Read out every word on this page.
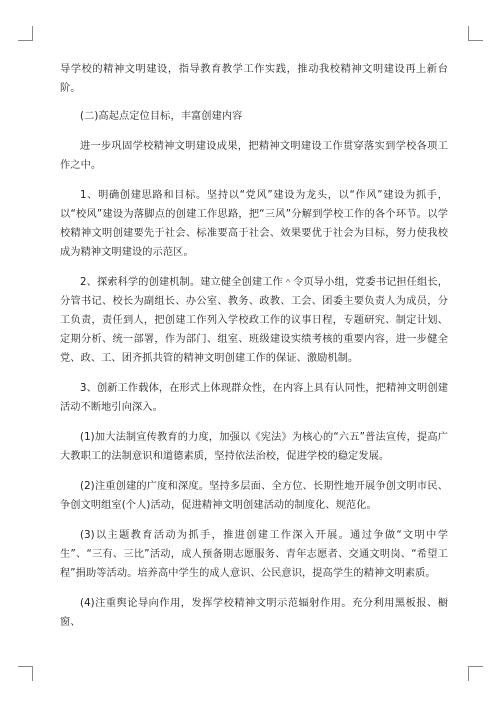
导学校的精神文明建设，指导教育教学工作实践，推动我校精神文明建设再上新台阶。

(二)高起点定位目标，丰富创建内容

进一步巩固学校精神文明建设成果，把精神文明建设工作贯穿落实到学校各项工作之中。

1、明确创建思路和目标。坚持以“党风”建设为龙头，以“作风”建设为抓手，以“校风”建设为落脚点的创建工作思路，把“三风”分解到学校工作的各个环节。以学校精神文明创建要先于社会、标准要高于社会、效果要优于社会为目标，努力使我校成为精神文明建设的示范区。

2、探索科学的创建机制。建立健全创建工作＾令页导小组，党委书记担任组长，分管书记、校长为副组长、办公室、教务、政教、工会、团委主要负责人为成员，分工负责，责任到人，把创建工作列入学校政工作的议事日程，专题研究、制定计划、定期分析、统一部署，作为部门、组室、班级建设实绩考核的重要内容，进一步健全党、政、工、团齐抓共管的精神文明创建工作的保证、激励机制。

3、创新工作载体，在形式上体现群众性，在内容上具有认同性，把精神文明创建活动不断地引向深入。

(1)加大法制宣传教育的力度，加强以《宪法》为核心的“六五”普法宣传，提高广大教职工的法制意识和道德素质，坚持依法治校，促进学校的稳定发展。

(2)注重创建的广度和深度。坚持多层面、全方位、长期性地开展争创文明市民、争创文明组室(个人)活动，促进精神文明创建活动的制度化、规范化。

(3)以主题教育活动为抓手，推进创建工作深入开展。通过争做“文明中学生”、“三有、三比”活动，成人预备期志愿服务、青年志愿者、交通文明岗、“希望工程”捐助等活动。培养高中学生的成人意识、公民意识，提高学生的精神文明素质。

(4)注重舆论导向作用，发挥学校精神文明示范辐射作用。充分利用黑板报、橱窗、
